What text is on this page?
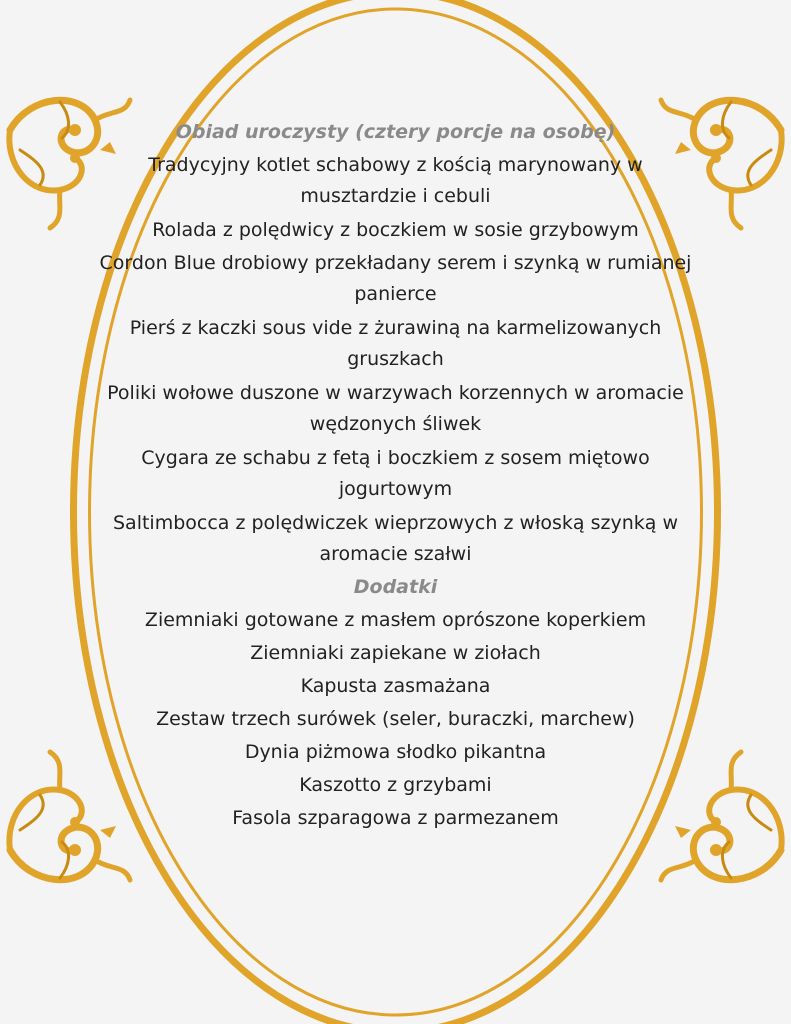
Obiad uroczysty (cztery porcje na osobę)
Tradycyjny kotlet schabowy z kością marynowany w musztardzie i cebuli
Rolada z polędwicy z boczkiem w sosie grzybowym
Cordon Blue drobiowy przekładany serem i szynką w rumianej panierce
Pierś z kaczki sous vide z żurawiną na karmelizowanych gruszkach
Poliki wołowe duszone w warzywach korzennych w aromacie wędzonych śliwek
Cygara ze schabu z fetą i boczkiem z sosem miętowo jogurtowym
Saltimbocca z polędwiczek wieprzowych z włoską szynką w aromacie szałwi
Dodatki
Ziemniaki gotowane z masłem oprószone koperkiem
Ziemniaki zapiekane w ziołach
Kapusta zasmażana
Zestaw trzech surówek (seler, buraczki, marchew)
Dynia piżmowa słodko pikantna
Kaszotto z grzybami
Fasola szparagowa z parmezanem
